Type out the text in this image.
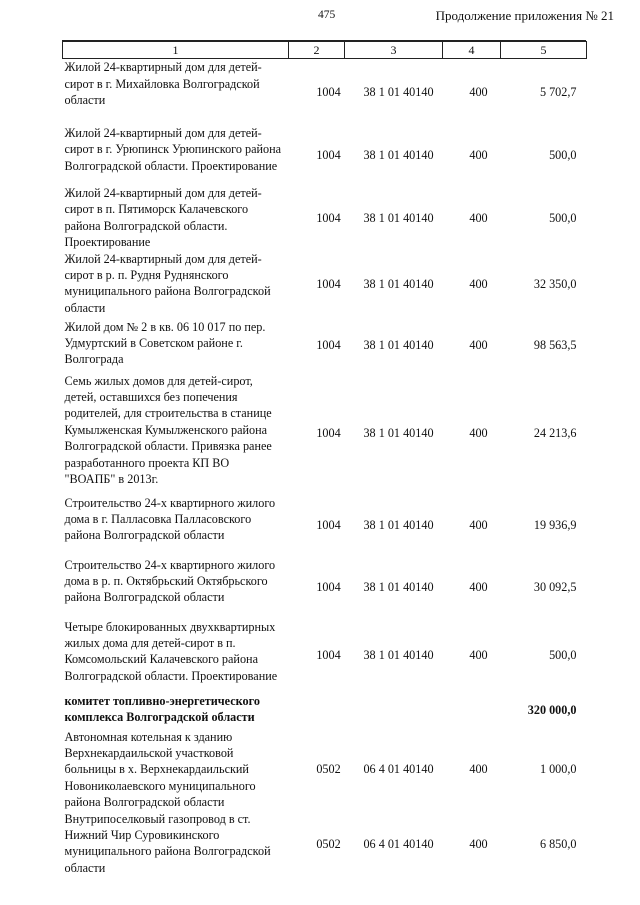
475	Продолжение приложения № 21
1	2	3	4	5
Жилой 24-квартирный дом для детей-сирот в г. Михайловка Волгоградской области	1004	38 1 01 40140	400	5 702,7
Жилой 24-квартирный дом для детей-сирот в г. Урюпинск Урюпинского района Волгоградской области. Проектирование	1004	38 1 01 40140	400	500,0
Жилой 24-квартирный дом для детей-сирот в п. Пятиморск Калачевского района Волгоградской области. Проектирование	1004	38 1 01 40140	400	500,0
Жилой 24-квартирный дом для детей-сирот в р. п. Рудня Руднянского муниципального района Волгоградской области	1004	38 1 01 40140	400	32 350,0
Жилой дом № 2 в кв. 06 10 017 по пер. Удмуртский в Советском районе г. Волгограда	1004	38 1 01 40140	400	98 563,5
Семь жилых домов для детей-сирот, детей, оставшихся без попечения родителей, для строительства в станице Кумылженская Кумылженского района Волгоградской области. Привязка ранее разработанного проекта КП ВО "ВОАПБ" в 2013г.	1004	38 1 01 40140	400	24 213,6
Строительство 24-х квартирного жилого дома в г. Палласовка Палласовского района Волгоградской области	1004	38 1 01 40140	400	19 936,9
Строительство 24-х квартирного жилого дома в р. п. Октябрьский Октябрьского района Волгоградской области	1004	38 1 01 40140	400	30 092,5
Четыре блокированных двухквартирных жилых дома для детей-сирот в п. Комсомольский Калачевского района Волгоградской области. Проектирование	1004	38 1 01 40140	400	500,0
комитет топливно-энергетического комплекса Волгоградской области				320 000,0
Автономная котельная к зданию Верхнекардаильской участковой больницы в х. Верхнекардаильский Новониколаевского муниципального района Волгоградской области	0502	06 4 01 40140	400	1 000,0
Внутрипоселковый газопровод в ст. Нижний Чир Суровикинского муниципального района Волгоградской области	0502	06 4 01 40140	400	6 850,0
